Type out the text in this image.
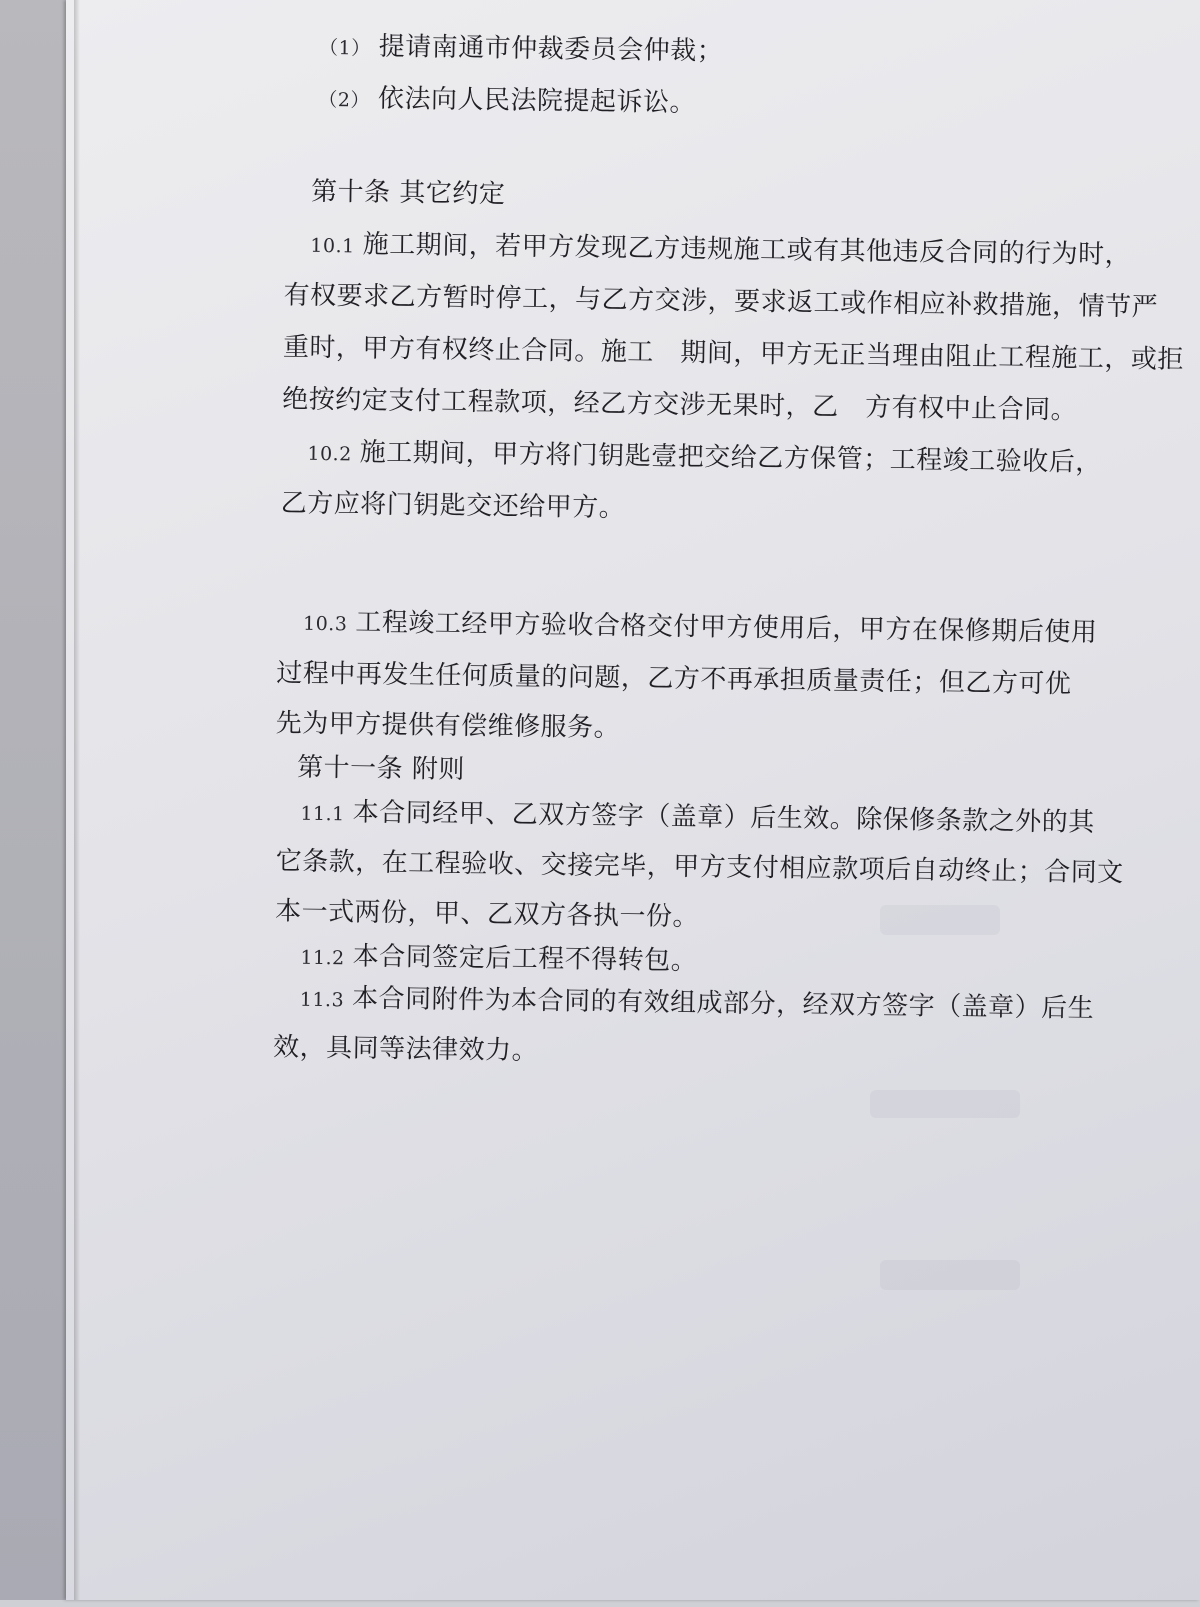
（1） 提请南通市仲裁委员会仲裁；
（2） 依法向人民法院提起诉讼。
第十条 其它约定
10.1 施工期间，若甲方发现乙方违规施工或有其他违反合同的行为时，
有权要求乙方暂时停工，与乙方交涉，要求返工或作相应补救措施，情节严
重时，甲方有权终止合同。施工　期间，甲方无正当理由阻止工程施工，或拒
绝按约定支付工程款项，经乙方交涉无果时，乙　方有权中止合同。
10.2 施工期间，甲方将门钥匙壹把交给乙方保管；工程竣工验收后，
乙方应将门钥匙交还给甲方。
10.3 工程竣工经甲方验收合格交付甲方使用后，甲方在保修期后使用
过程中再发生任何质量的问题，乙方不再承担质量责任；但乙方可优
先为甲方提供有偿维修服务。
第十一条 附则
11.1 本合同经甲、乙双方签字（盖章）后生效。除保修条款之外的其
它条款，在工程验收、交接完毕，甲方支付相应款项后自动终止；合同文
本一式两份，甲、乙双方各执一份。
11.2 本合同签定后工程不得转包。
11.3 本合同附件为本合同的有效组成部分，经双方签字（盖章）后生
效，具同等法律效力。
